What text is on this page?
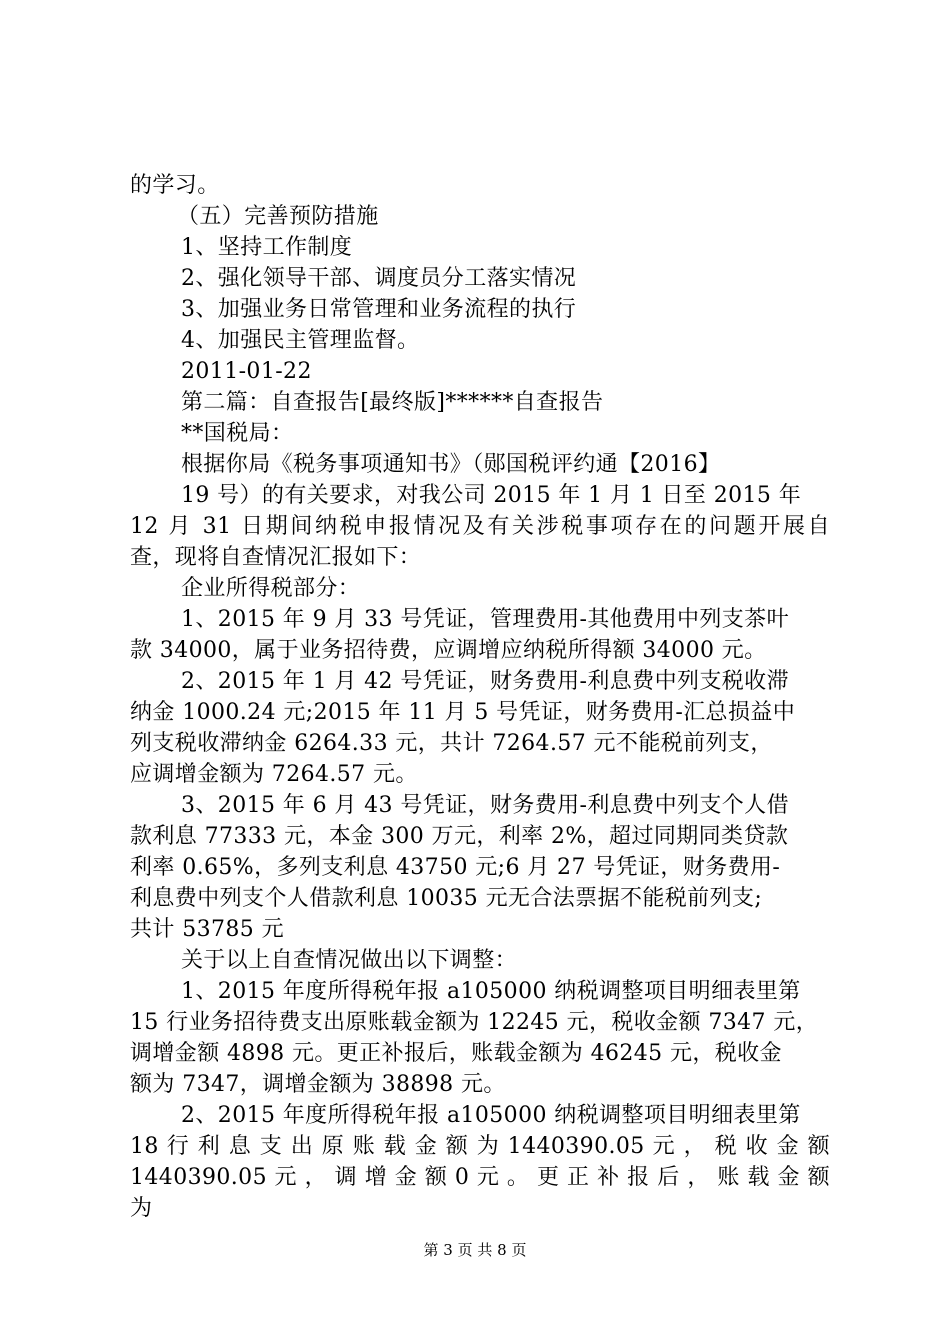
的学习。
（五）完善预防措施
1、坚持工作制度
2、强化领导干部、调度员分工落实情况
3、加强业务日常管理和业务流程的执行
4、加强民主管理监督。
2011-01-22
第二篇：自查报告[最终版]******自查报告
**国税局：
根据你局《税务事项通知书》（郧国税评约通【2016】
19 号）的有关要求，对我公司 2015 年 1 月 1 日至 2015 年
12 月 31 日期间纳税申报情况及有关涉税事项存在的问题开展自
查，现将自查情况汇报如下：
企业所得税部分：
1、2015 年 9 月 33 号凭证，管理费用-其他费用中列支茶叶
款 34000，属于业务招待费，应调增应纳税所得额 34000 元。
2、2015 年 1 月 42 号凭证，财务费用-利息费中列支税收滞
纳金 1000.24 元;2015 年 11 月 5 号凭证，财务费用-汇总损益中
列支税收滞纳金 6264.33 元，共计 7264.57 元不能税前列支，
应调增金额为 7264.57 元。
3、2015 年 6 月 43 号凭证，财务费用-利息费中列支个人借
款利息 77333 元，本金 300 万元，利率 2%，超过同期同类贷款
利率 0.65%，多列支利息 43750 元;6 月 27 号凭证，财务费用-
利息费中列支个人借款利息 10035 元无合法票据不能税前列支;
共计 53785 元
关于以上自查情况做出以下调整：
1、2015 年度所得税年报 a105000 纳税调整项目明细表里第
15 行业务招待费支出原账载金额为 12245 元，税收金额 7347 元，
调增金额 4898 元。更正补报后，账载金额为 46245 元，税收金
额为 7347，调增金额为 38898 元。
2、2015 年度所得税年报 a105000 纳税调整项目明细表里第
18 行 利 息 支 出 原 账 载 金 额 为 1440390.05 元 ， 税 收 金 额
1440390.05 元 ， 调 增 金 额 0 元 。 更 正 补 报 后 ， 账 载 金 额 为
第 3 页 共 8 页
